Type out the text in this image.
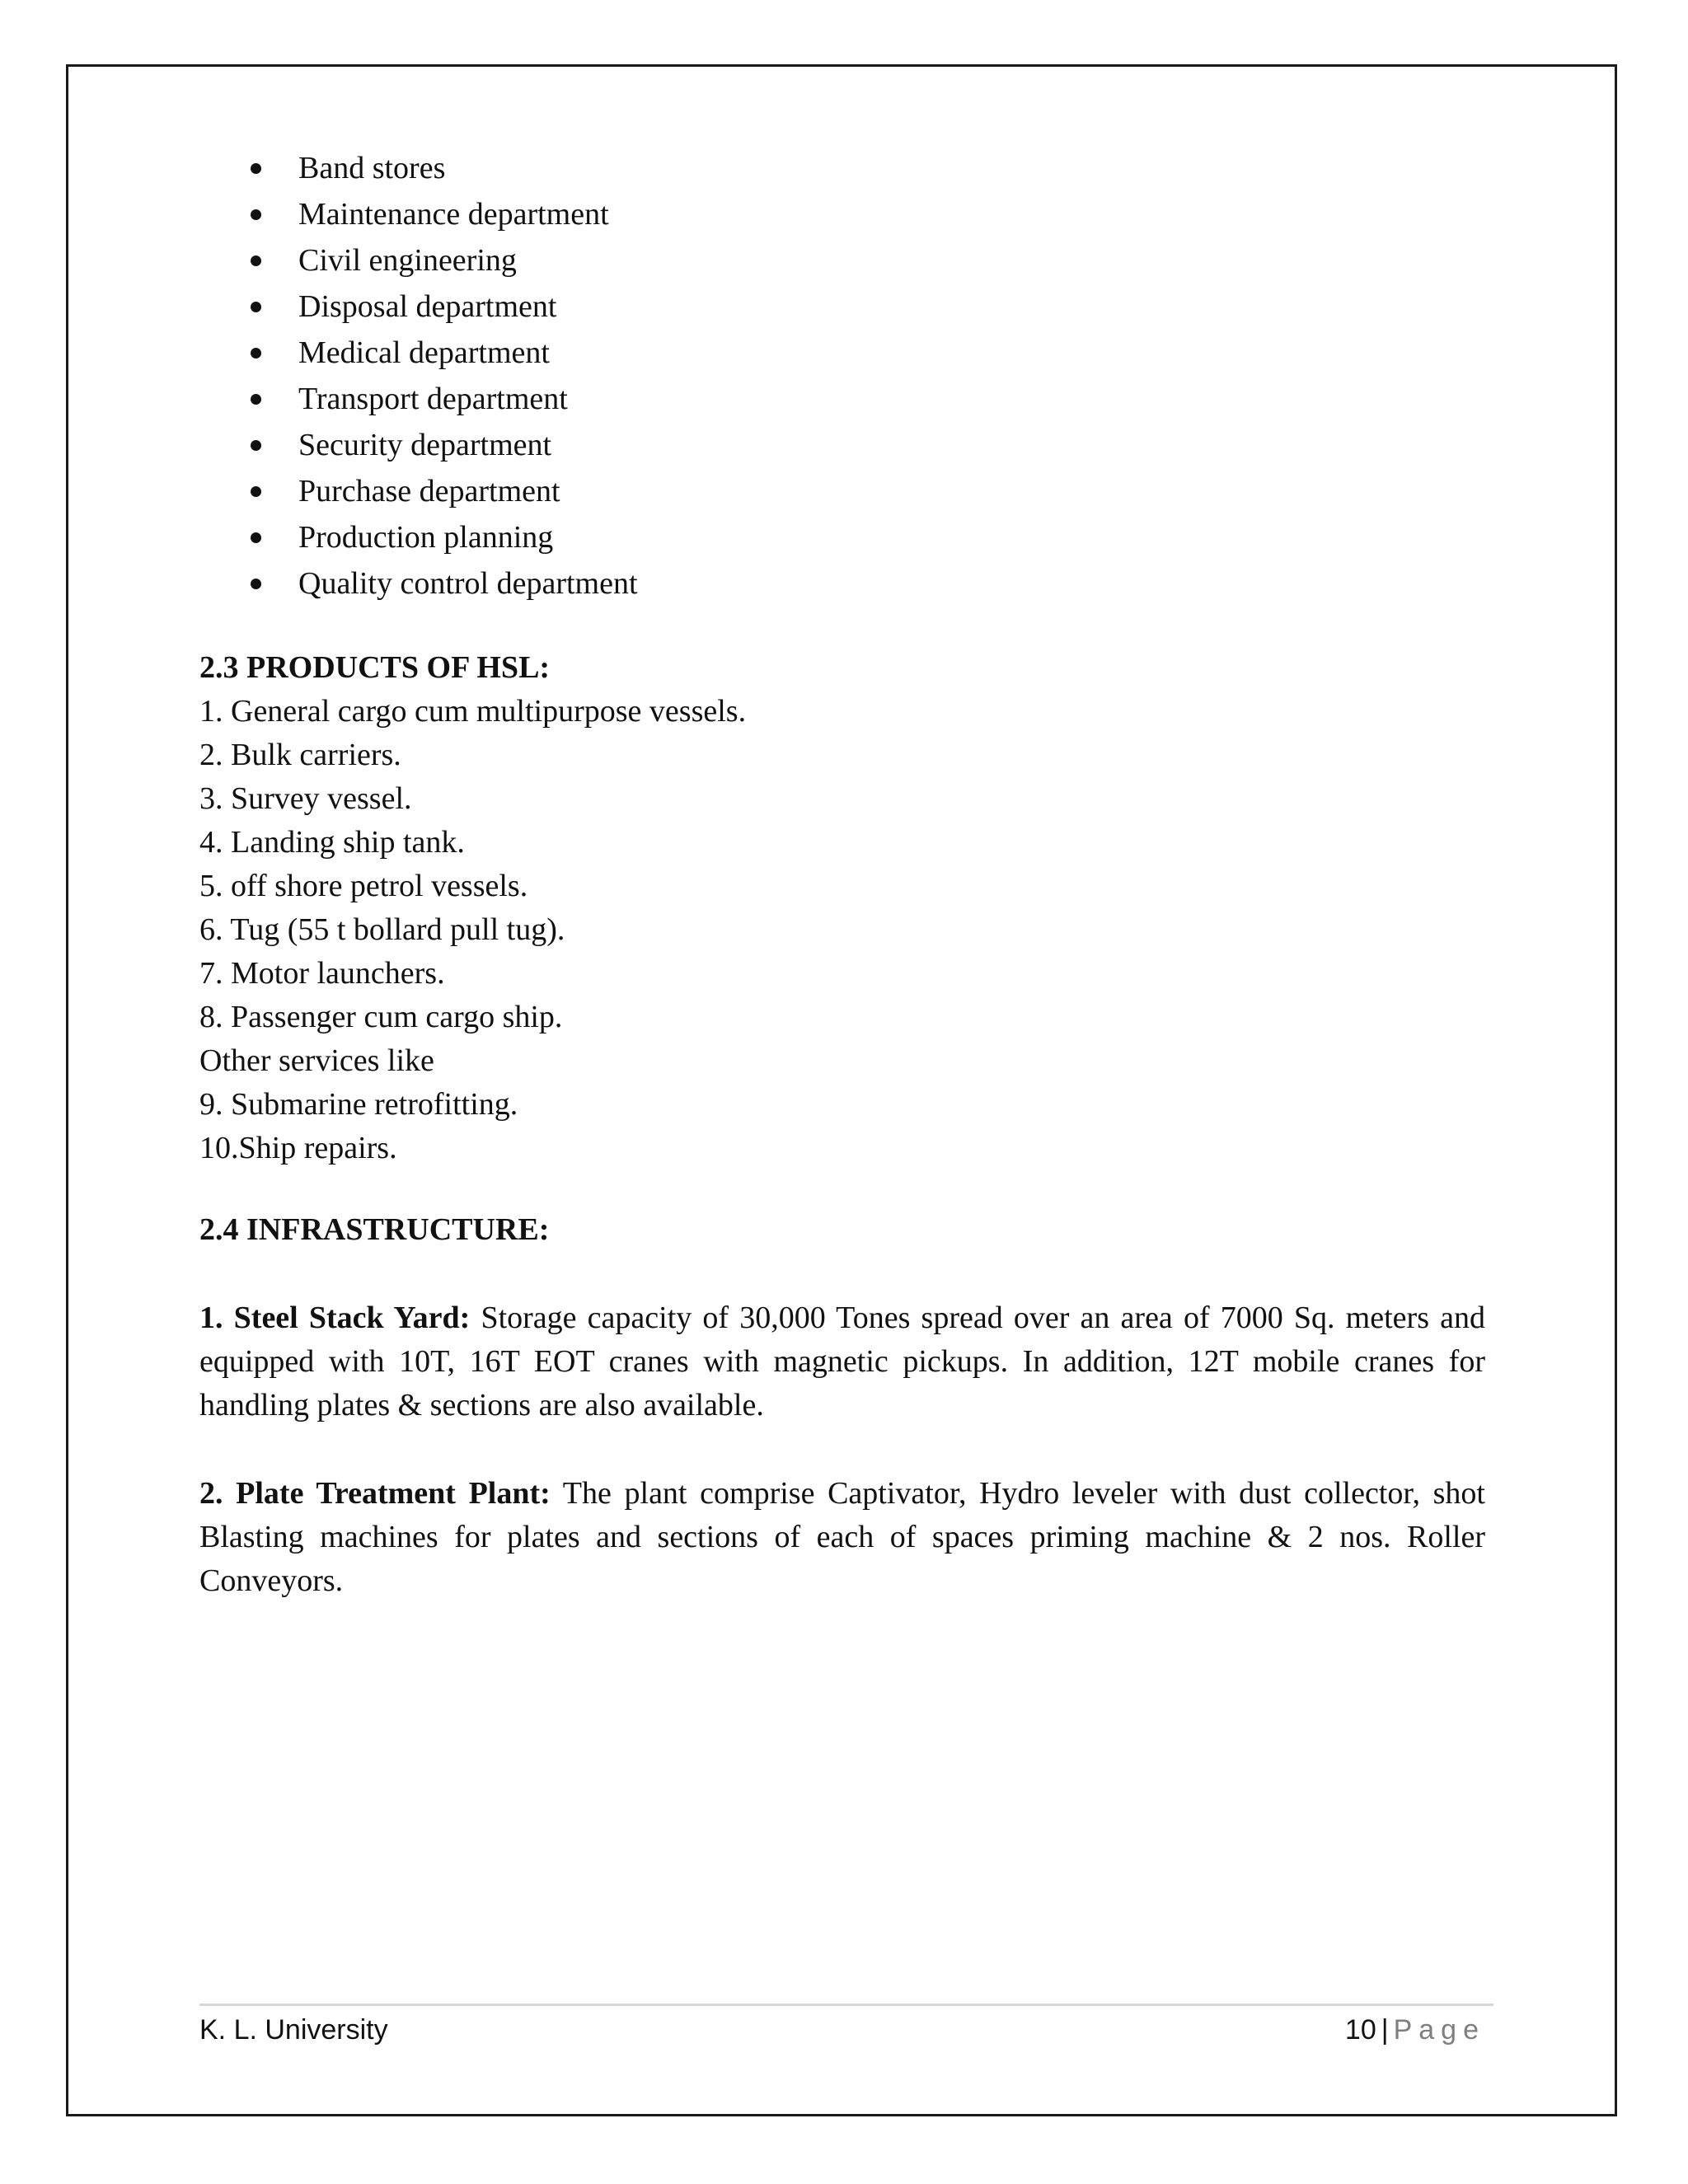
Band stores
Maintenance department
Civil engineering
Disposal department
Medical department
Transport department
Security department
Purchase department
Production planning
Quality control department
2.3 PRODUCTS OF HSL:
1. General cargo cum multipurpose vessels.
2. Bulk carriers.
3. Survey vessel.
4. Landing ship tank.
5. off shore petrol vessels.
6. Tug (55 t bollard pull tug).
7. Motor launchers.
8. Passenger cum cargo ship.
Other services like
9. Submarine retrofitting.
10.Ship repairs.
2.4 INFRASTRUCTURE:
1. Steel Stack Yard: Storage capacity of 30,000 Tones spread over an area of 7000 Sq. meters and equipped with 10T, 16T EOT cranes with magnetic pickups. In addition, 12T mobile cranes for handling plates & sections are also available.
2. Plate Treatment Plant: The plant comprise Captivator, Hydro leveler with dust collector, shot Blasting machines for plates and sections of each of spaces priming machine & 2 nos. Roller Conveyors.
K. L. University	10 | Page
